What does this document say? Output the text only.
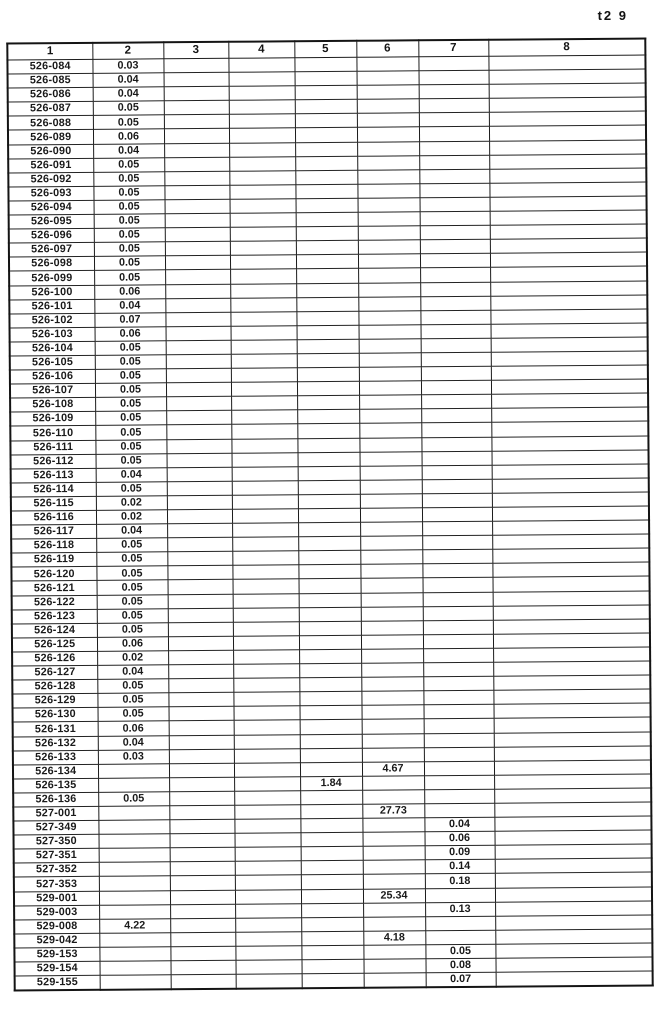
t2 9
1	2	3	4	5	6	7	8
526-084	0.03						
526-085	0.04						
526-086	0.04						
526-087	0.05						
526-088	0.05						
526-089	0.06						
526-090	0.04						
526-091	0.05						
526-092	0.05						
526-093	0.05						
526-094	0.05						
526-095	0.05						
526-096	0.05						
526-097	0.05						
526-098	0.05						
526-099	0.05						
526-100	0.06						
526-101	0.04						
526-102	0.07						
526-103	0.06						
526-104	0.05						
526-105	0.05						
526-106	0.05						
526-107	0.05						
526-108	0.05						
526-109	0.05						
526-110	0.05						
526-111	0.05						
526-112	0.05						
526-113	0.04						
526-114	0.05						
526-115	0.02						
526-116	0.02						
526-117	0.04						
526-118	0.05						
526-119	0.05						
526-120	0.05						
526-121	0.05						
526-122	0.05						
526-123	0.05						
526-124	0.05						
526-125	0.06						
526-126	0.02						
526-127	0.04						
526-128	0.05						
526-129	0.05						
526-130	0.05						
526-131	0.06						
526-132	0.04						
526-133	0.03						
526-134					4.67		
526-135				1.84			
526-136	0.05						
527-001					27.73		
527-349						0.04	
527-350						0.06	
527-351						0.09	
527-352						0.14	
527-353						0.18	
529-001					25.34		
529-003						0.13	
529-008	4.22						
529-042					4.18		
529-153						0.05	
529-154						0.08	
529-155						0.07	
